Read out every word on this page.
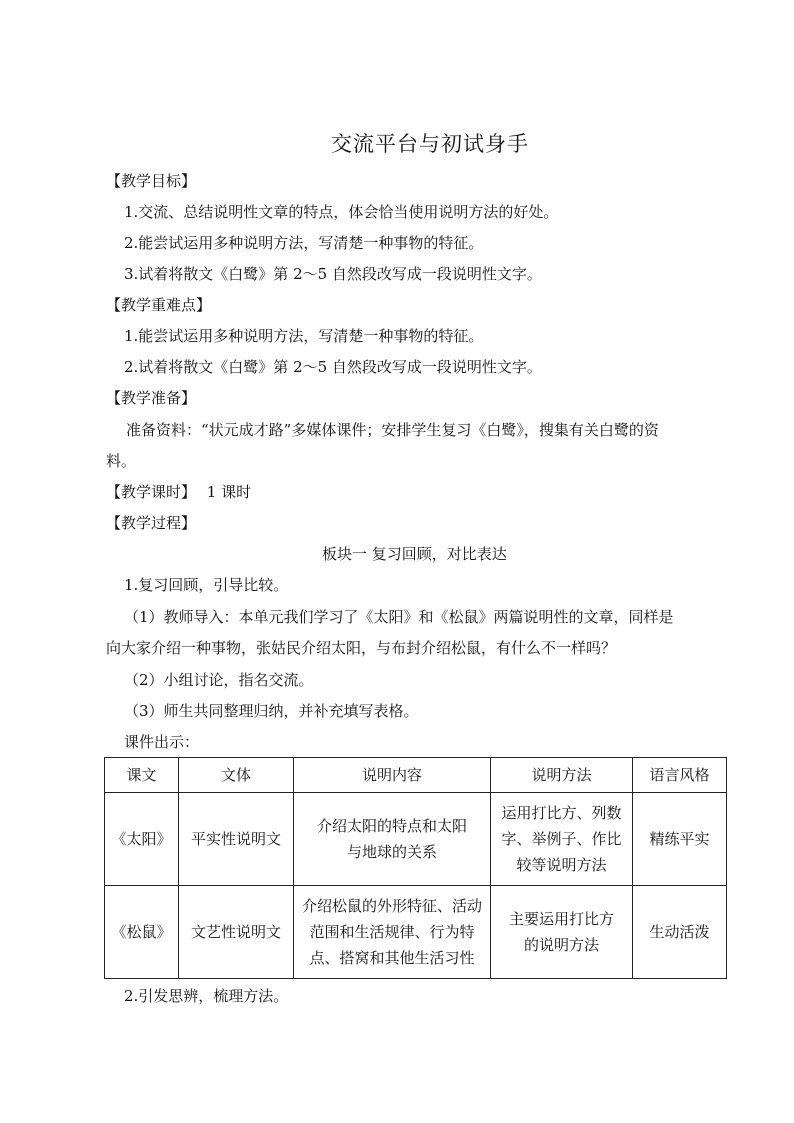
交流平台与初试身手
【教学目标】
1.交流、总结说明性文章的特点，体会恰当使用说明方法的好处。
2.能尝试运用多种说明方法，写清楚一种事物的特征。
3.试着将散文《白鹭》第 2～5 自然段改写成一段说明性文字。
【教学重难点】
1.能尝试运用多种说明方法，写清楚一种事物的特征。
2.试着将散文《白鹭》第 2～5 自然段改写成一段说明性文字。
【教学准备】
准备资料：“状元成才路”多媒体课件；安排学生复习《白鹭》，搜集有关白鹭的资
料。
【教学课时】 1 课时
【教学过程】
板块一 复习回顾，对比表达
1.复习回顾，引导比较。
（1）教师导入：本单元我们学习了《太阳》和《松鼠》两篇说明性的文章，同样是
向大家介绍一种事物，张姑民介绍太阳，与布封介绍松鼠，有什么不一样吗？
（2）小组讨论，指名交流。
（3）师生共同整理归纳，并补充填写表格。
课件出示：
课文	文体	说明内容	说明方法	语言风格
《太阳》	平实性说明文	介绍太阳的特点和太阳与地球的关系	运用打比方、列数字、举例子、作比较等说明方法	精练平实
《松鼠》	文艺性说明文	介绍松鼠的外形特征、活动范围和生活规律、行为特点、搭窝和其他生活习性	主要运用打比方的说明方法	生动活泼
2.引发思辨，梳理方法。
